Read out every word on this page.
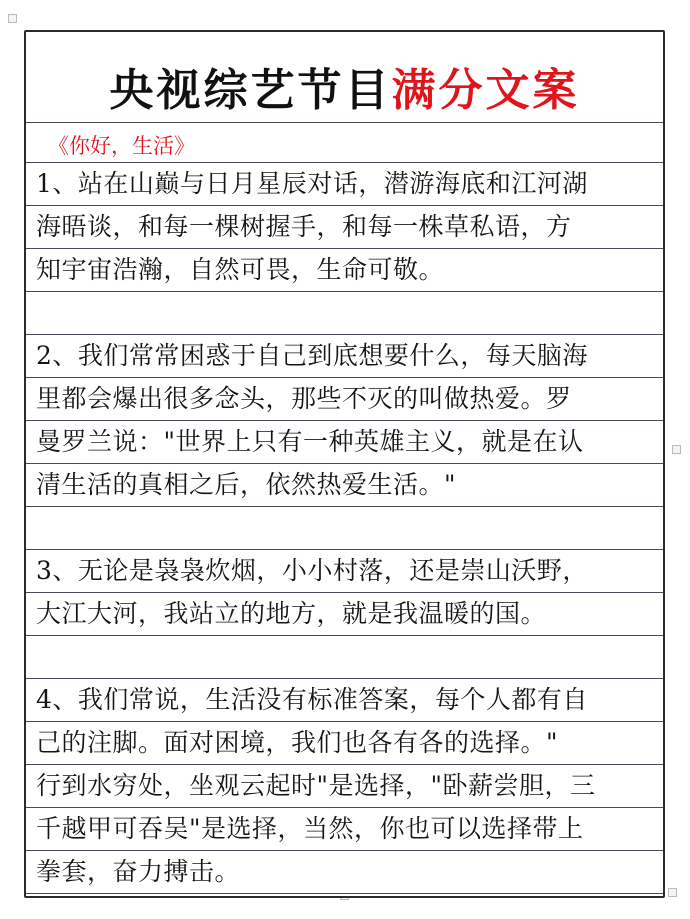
央视综艺节目满分文案
《你好，生活》
1、站在山巅与日月星辰对话，潜游海底和江河湖
海晤谈，和每一棵树握手，和每一株草私语，方
知宇宙浩瀚，自然可畏，生命可敬。
2、我们常常困惑于自己到底想要什么，每天脑海
里都会爆出很多念头，那些不灭的叫做热爱。罗
曼罗兰说："世界上只有一种英雄主义，就是在认
清生活的真相之后，依然热爱生活。"
3、无论是袅袅炊烟，小小村落，还是崇山沃野，
大江大河，我站立的地方，就是我温暖的国。
4、我们常说，生活没有标准答案，每个人都有自
己的注脚。面对困境，我们也各有各的选择。"
行到水穷处，坐观云起时"是选择，"卧薪尝胆，三
千越甲可吞吴"是选择，当然，你也可以选择带上
拳套，奋力搏击。
